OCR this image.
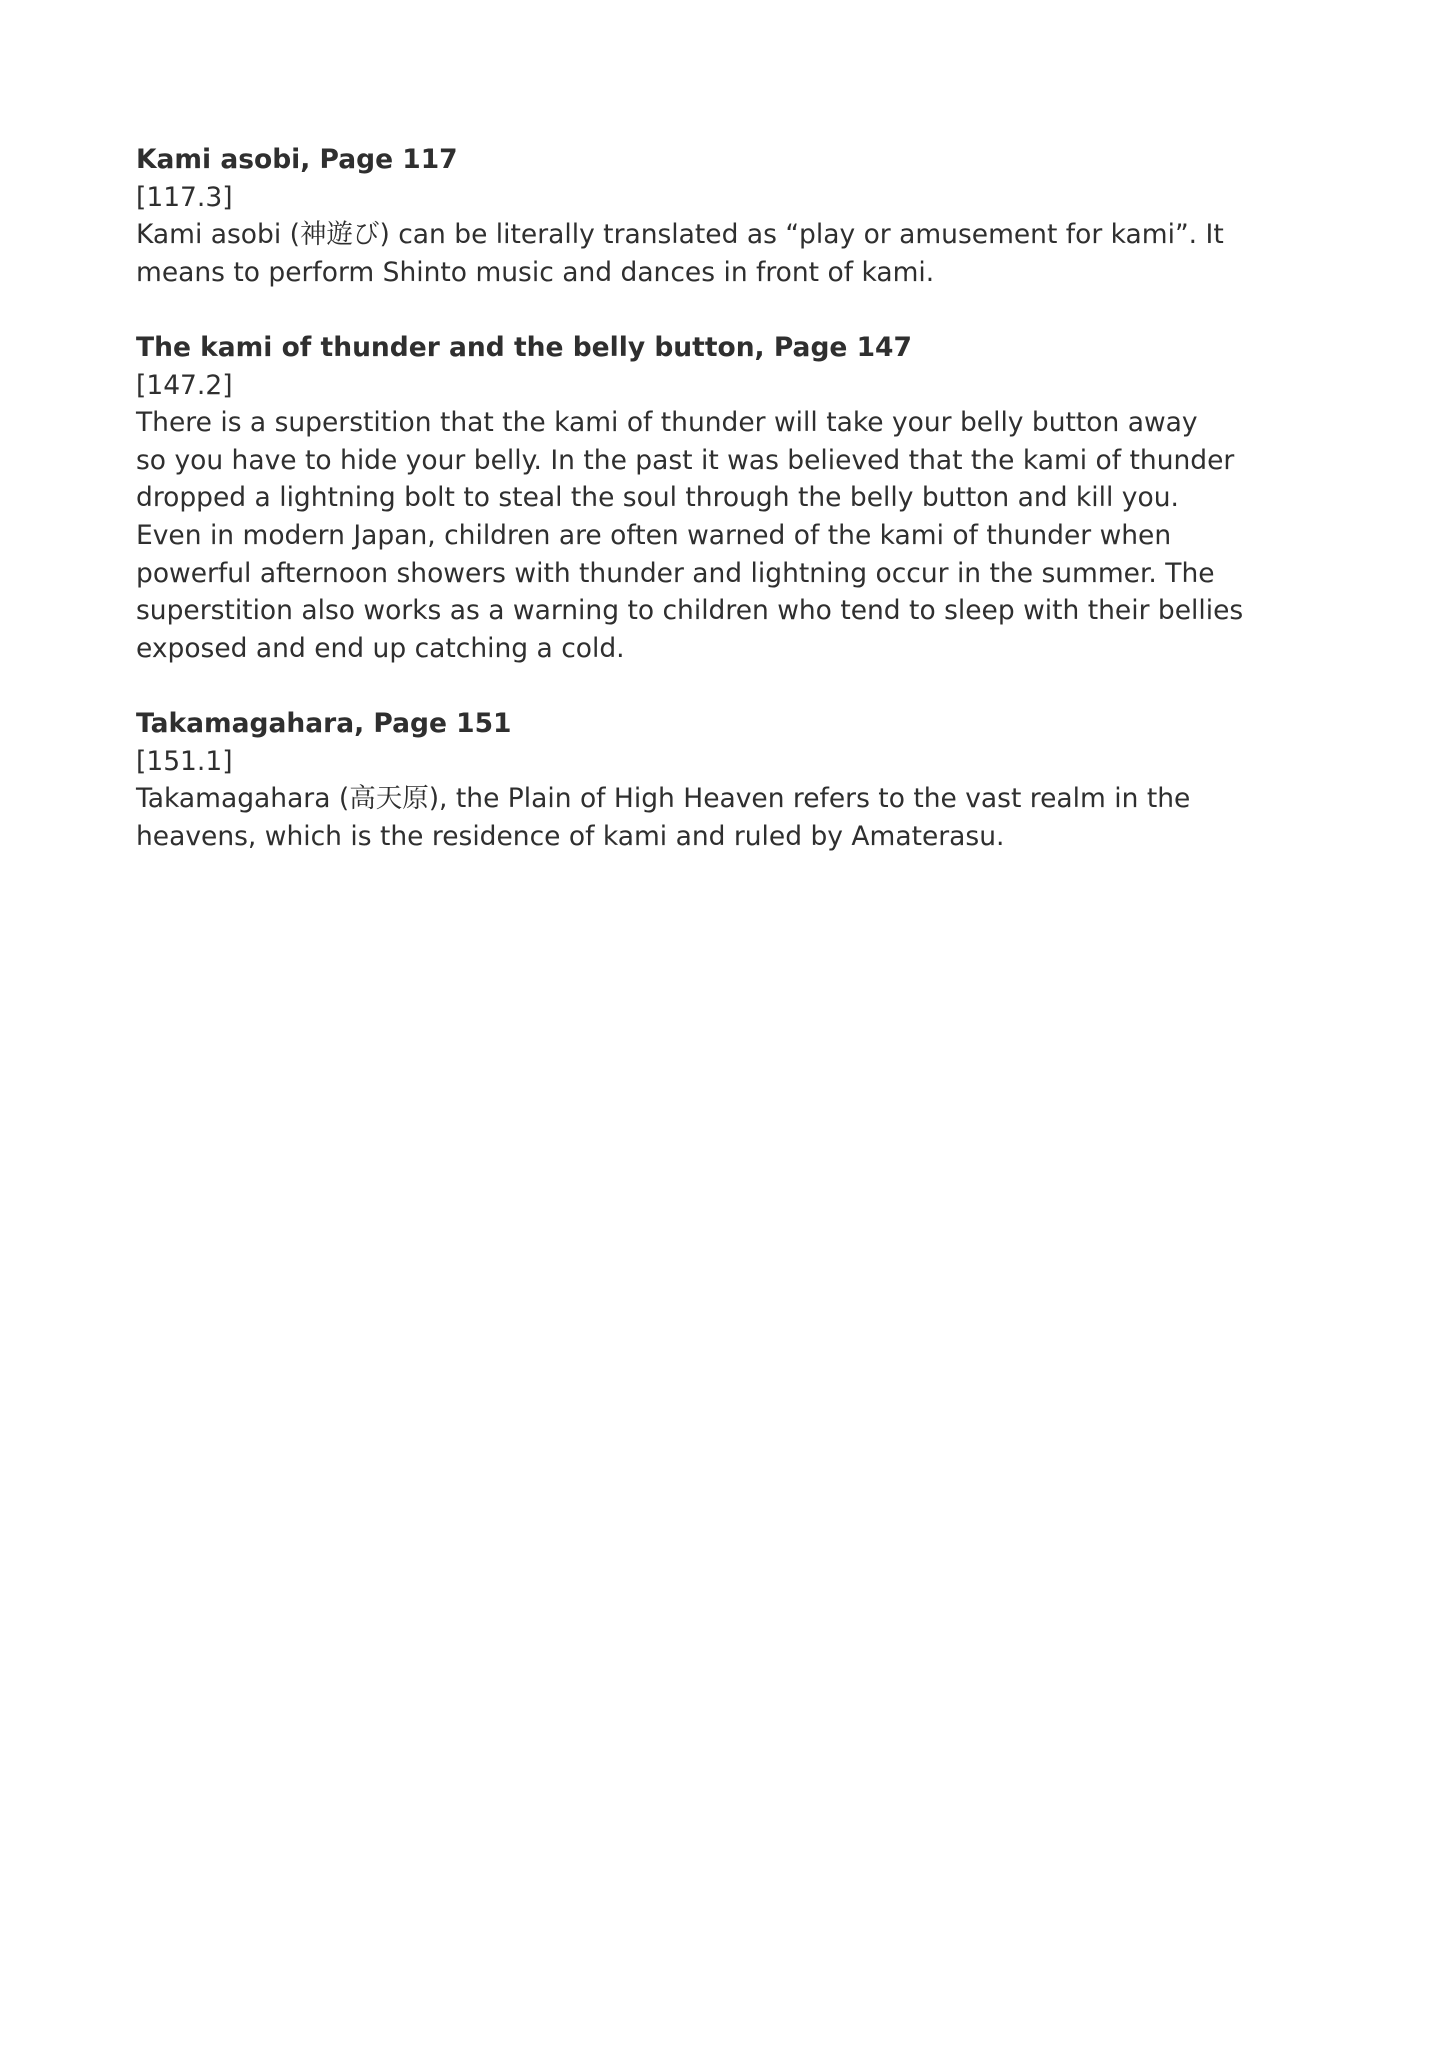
Kami asobi, Page 117
[117.3]
Kami asobi (神遊び) can be literally translated as “play or amusement for kami”. It
means to perform Shinto music and dances in front of kami.
The kami of thunder and the belly button, Page 147
[147.2]
There is a superstition that the kami of thunder will take your belly button away
so you have to hide your belly. In the past it was believed that the kami of thunder
dropped a lightning bolt to steal the soul through the belly button and kill you.
Even in modern Japan, children are often warned of the kami of thunder when
powerful afternoon showers with thunder and lightning occur in the summer. The
superstition also works as a warning to children who tend to sleep with their bellies
exposed and end up catching a cold.
Takamagahara, Page 151
[151.1]
Takamagahara (高天原), the Plain of High Heaven refers to the vast realm in the
heavens, which is the residence of kami and ruled by Amaterasu.
